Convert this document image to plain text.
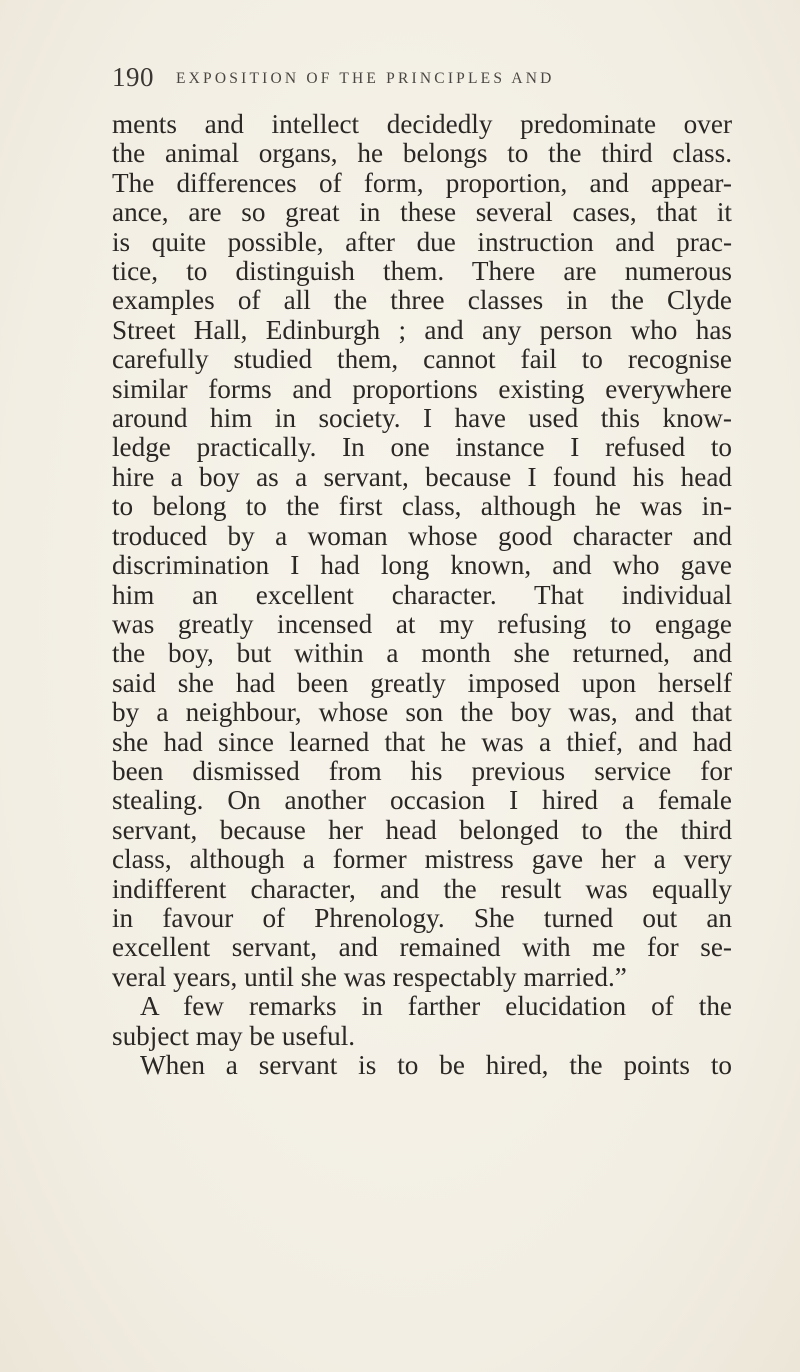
190 EXPOSITION OF THE PRINCIPLES AND
ments and intellect decidedly predominate over
the animal organs, he belongs to the third class.
The differences of form, proportion, and appear-
ance, are so great in these several cases, that it
is quite possible, after due instruction and prac-
tice, to distinguish them. There are numerous
examples of all the three classes in the Clyde
Street Hall, Edinburgh ; and any person who has
carefully studied them, cannot fail to recognise
similar forms and proportions existing everywhere
around him in society. I have used this know-
ledge practically. In one instance I refused to
hire a boy as a servant, because I found his head
to belong to the first class, although he was in-
troduced by a woman whose good character and
discrimination I had long known, and who gave
him an excellent character. That individual
was greatly incensed at my refusing to engage
the boy, but within a month she returned, and
said she had been greatly imposed upon herself
by a neighbour, whose son the boy was, and that
she had since learned that he was a thief, and had
been dismissed from his previous service for
stealing. On another occasion I hired a female
servant, because her head belonged to the third
class, although a former mistress gave her a very
indifferent character, and the result was equally
in favour of Phrenology. She turned out an
excellent servant, and remained with me for se-
veral years, until she was respectably married.”
A few remarks in farther elucidation of the
subject may be useful.
When a servant is to be hired, the points to
